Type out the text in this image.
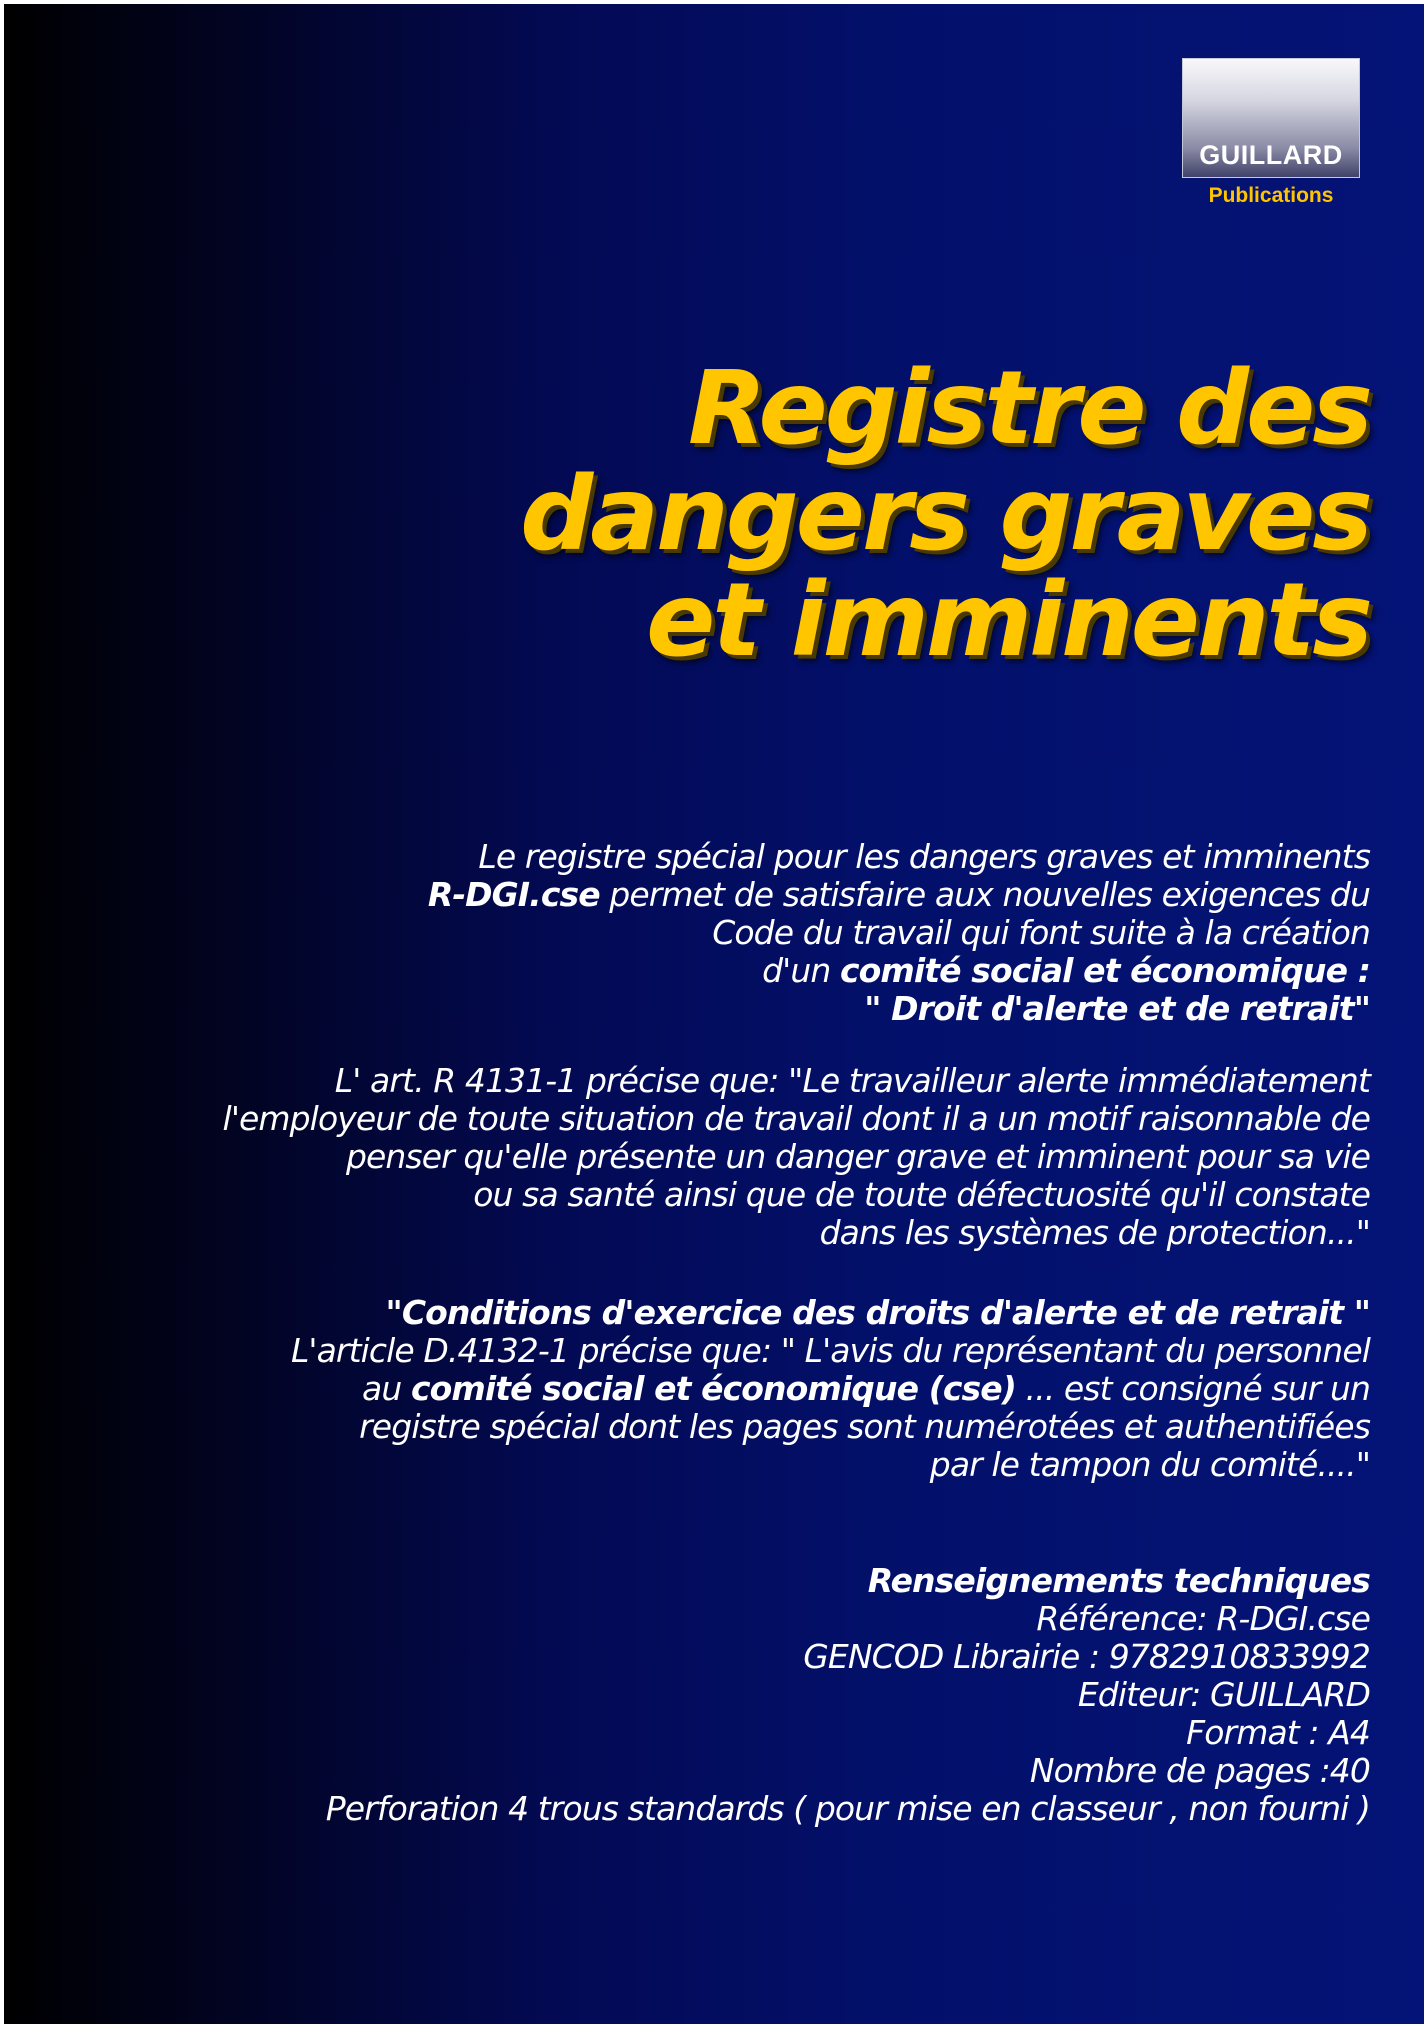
GUILLARD
Publications
Registre des
dangers graves
et imminents
Le registre spécial pour les dangers graves et imminents
R-DGI.cse permet de satisfaire aux nouvelles exigences du
Code du travail qui font suite à la création
d'un comité social et économique :
" Droit d'alerte et de retrait"
L' art. R 4131-1 précise que: "Le travailleur alerte immédiatement
l'employeur de toute situation de travail dont il a un motif raisonnable de
penser qu'elle présente un danger grave et imminent pour sa vie
ou sa santé ainsi que de toute défectuosité qu'il constate
dans les systèmes de protection..."
"Conditions d'exercice des droits d'alerte et de retrait "
L'article D.4132-1 précise que: " L'avis du représentant du personnel
au comité social et économique (cse) ... est consigné sur un
registre spécial dont les pages sont numérotées et authentifiées
par le tampon du comité...."
Renseignements techniques
Référence: R-DGI.cse
GENCOD Librairie : 9782910833992
Editeur: GUILLARD
Format : A4
Nombre de pages :40
Perforation 4 trous standards ( pour mise en classeur , non fourni )
